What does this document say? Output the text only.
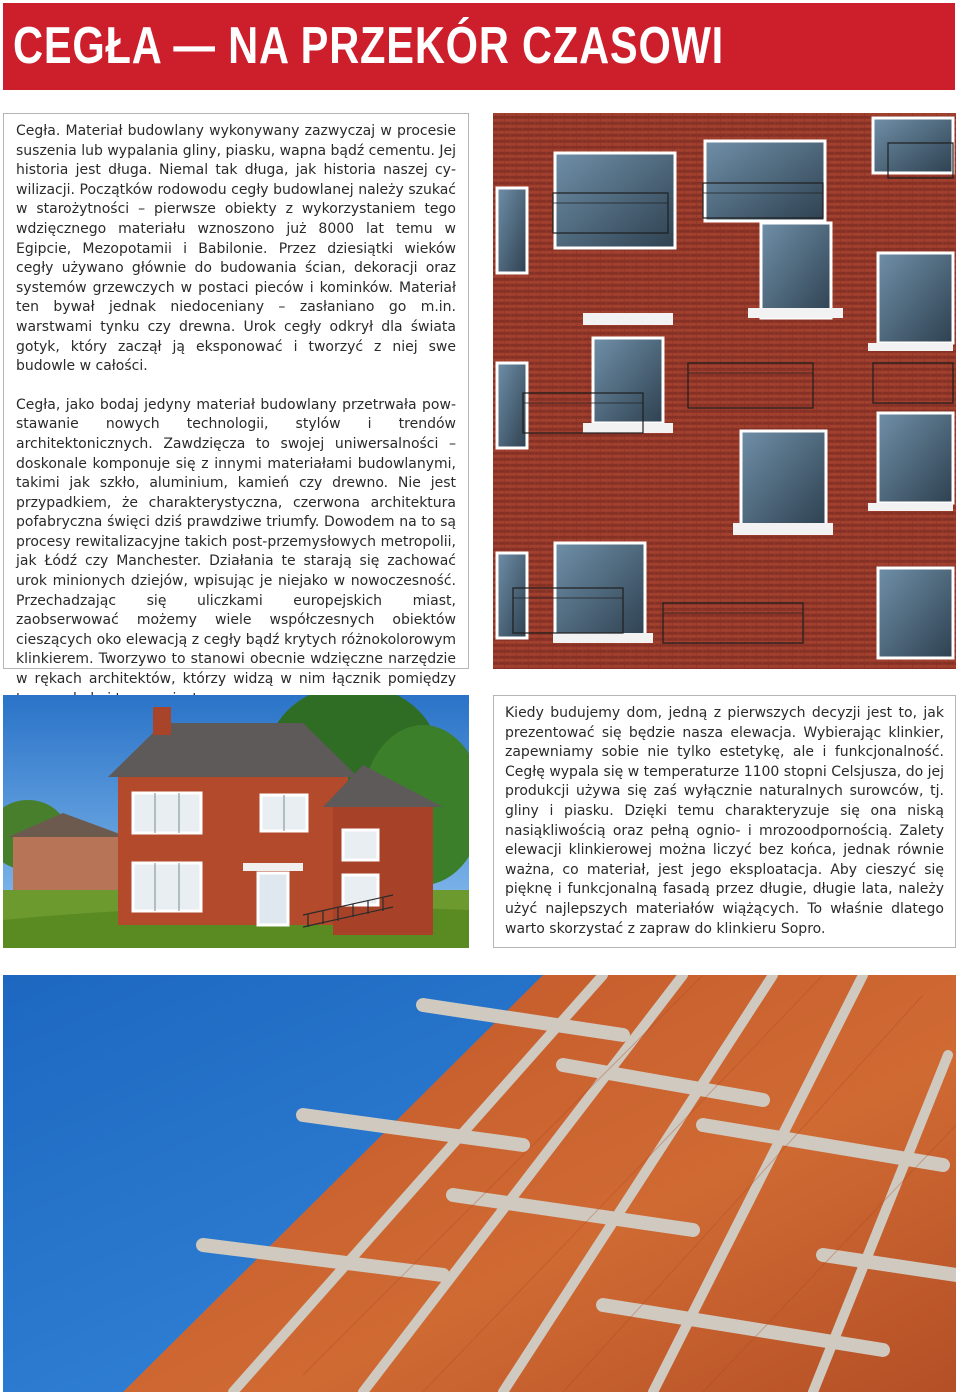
CEGŁA — NA PRZEKÓR CZASOWI

Cegła. Materiał budowlany wykonywany zazwyczaj w procesie suszenia lub wypalania gliny, piasku, wapna bądź cementu. Jej historia jest długa. Niemal tak długa, jak historia naszej cywilizacji. Początków rodowodu cegły budowlanej należy szukać w starożytności – pierwsze obiekty z wykorzystaniem tego wdzięcznego materiału wznoszono już 8000 lat temu w Egipcie, Mezopotamii i Babilonie. Przez dziesiątki wieków cegły używano głównie do budowania ścian, dekoracji oraz systemów grzewczych w postaci pieców i kominków. Materiał ten bywał jednak niedoceniany – zasłaniano go m.in. warstwami tynku czy drewna. Urok cegły odkrył dla świata gotyk, który zaczął ją eksponować i tworzyć z niej swe budowle w całości.

Cegła, jako bodaj jedyny materiał budowlany przetrwała powstawanie nowych technologii, stylów i trendów architektonicznych. Zawdzięcza to swojej uniwersalności – doskonale komponuje się z innymi materiałami budowlanymi, takimi jak szkło, aluminium, kamień czy drewno. Nie jest przypadkiem, że charakterystyczna, czerwona architektura pofabryczna święci dziś prawdziwe triumfy. Dowodem na to są procesy rewitalizacyjne takich post-przemysłowych metropolii, jak Łódź czy Manchester. Działania te starają się zachować urok minionych dziejów, wpisując je niejako w nowoczesność. Przechadzając się uliczkami europejskich miast, zaobserwować możemy wiele współczesnych obiektów cieszących oko elewacją z cegły bądź krytych różnokolorowym klinkierem. Tworzywo to stanowi obecnie wdzięczne narzędzie w rękach architektów, którzy widzą w nim łącznik pomiędzy

Kiedy budujemy dom, jedną z pierwszych decyzji jest to, jak prezentować się będzie nasza elewacja. Wybierając klinkier, zapewniamy sobie nie tylko estetykę, ale i funkcjonalność. Cegłę wypala się w temperaturze 1100 stopni Celsjusza, do jej produkcji używa się zaś wyłącznie naturalnych surowców, tj. gliny i piasku. Dzięki temu charakteryzuje się ona niską nasiąkliwością oraz pełną ognio- i mrozoodpornością. Zalety elewacji klinkierowej można liczyć bez końca, jednak równie ważna, co materiał, jest jego eksploatacja. Aby cieszyć się pięknę i funkcjonalną fasadą przez długie, długie lata, należy użyć najlepszych materiałów wiążących. To właśnie dlatego warto skorzystać z zapraw do klinkieru Sopro.
